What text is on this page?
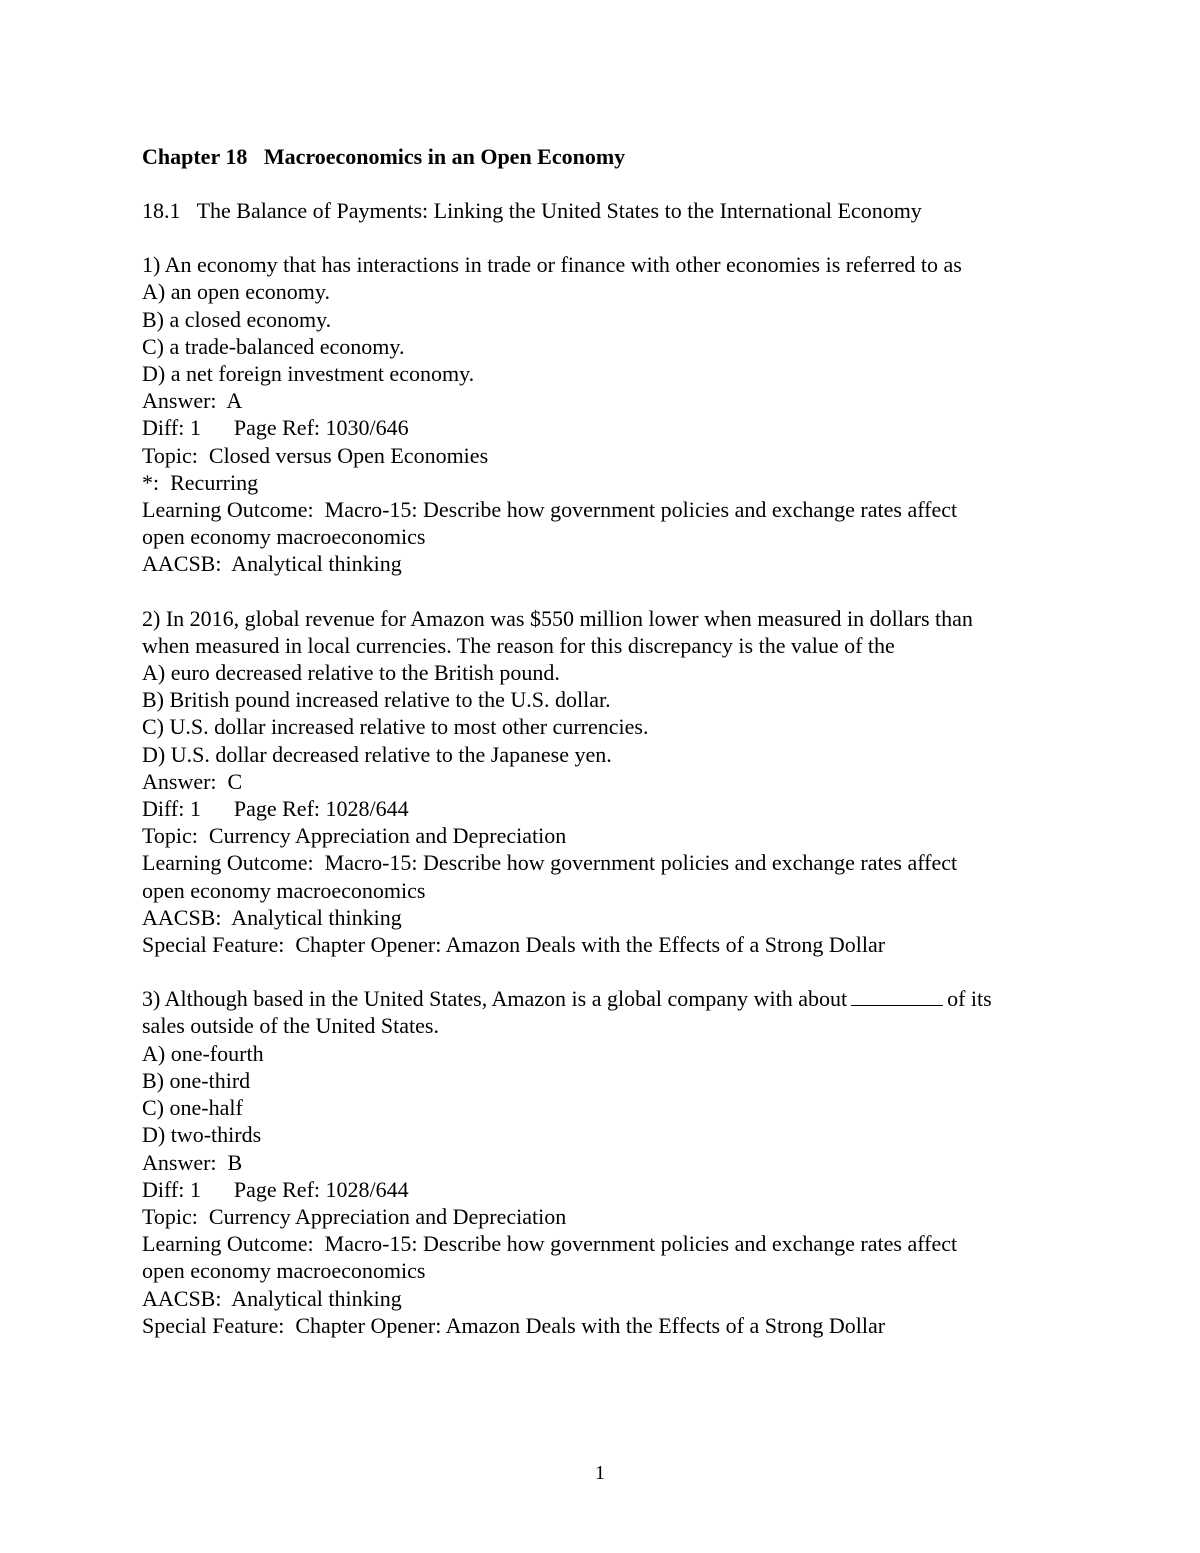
Chapter 18   Macroeconomics in an Open Economy
18.1   The Balance of Payments: Linking the United States to the International Economy
1) An economy that has interactions in trade or finance with other economies is referred to as
A) an open economy.
B) a closed economy.
C) a trade-balanced economy.
D) a net foreign investment economy.
Answer:  A
Diff: 1      Page Ref: 1030/646
Topic:  Closed versus Open Economies
*:  Recurring
Learning Outcome:  Macro-15: Describe how government policies and exchange rates affect
open economy macroeconomics
AACSB:  Analytical thinking
2) In 2016, global revenue for Amazon was $550 million lower when measured in dollars than
when measured in local currencies. The reason for this discrepancy is the value of the
A) euro decreased relative to the British pound.
B) British pound increased relative to the U.S. dollar.
C) U.S. dollar increased relative to most other currencies.
D) U.S. dollar decreased relative to the Japanese yen.
Answer:  C
Diff: 1      Page Ref: 1028/644
Topic:  Currency Appreciation and Depreciation
Learning Outcome:  Macro-15: Describe how government policies and exchange rates affect
open economy macroeconomics
AACSB:  Analytical thinking
Special Feature:  Chapter Opener: Amazon Deals with the Effects of a Strong Dollar
3) Although based in the United States, Amazon is a global company with about	of its
sales outside of the United States.
A) one-fourth
B) one-third
C) one-half
D) two-thirds
Answer:  B
Diff: 1      Page Ref: 1028/644
Topic:  Currency Appreciation and Depreciation
Learning Outcome:  Macro-15: Describe how government policies and exchange rates affect
open economy macroeconomics
AACSB:  Analytical thinking
Special Feature:  Chapter Opener: Amazon Deals with the Effects of a Strong Dollar
1
